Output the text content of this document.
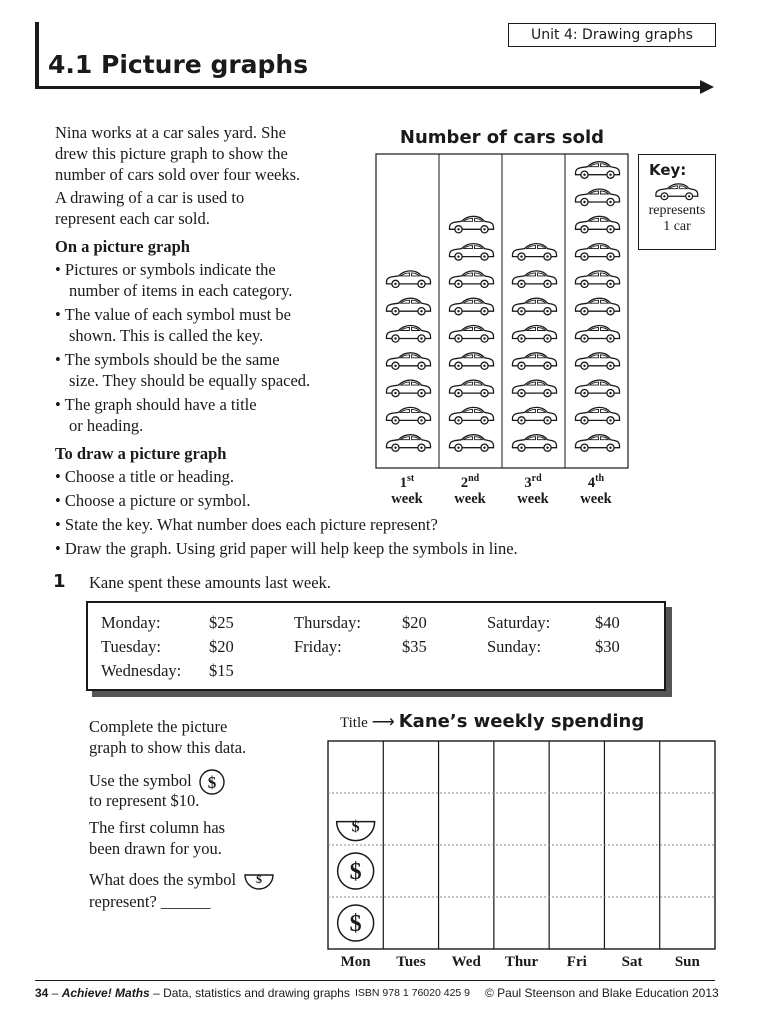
Unit 4: Drawing graphs
4.1 Picture graphs
Nina works at a car sales yard. She
drew this picture graph to show the
number of cars sold over four weeks.
A drawing of a car is used to
represent each car sold.
On a picture graph
• Pictures or symbols indicate the
number of items in each category.
• The value of each symbol must be
shown. This is called the key.
• The symbols should be the same
size. They should be equally spaced.
• The graph should have a title
or heading.
To draw a picture graph
• Choose a title or heading.
• Choose a picture or symbol.
• State the key. What number does each picture represent?
• Draw the graph. Using grid paper will help keep the symbols in line.
Number of cars sold
1st
week
2nd
week
3rd
week
4th
week
Key:
represents
1 car
1 Kane spent these amounts last week.
Monday:	$25
Tuesday:	$20
Wednesday: $15
Thursday: $20
Friday:	$35
Saturday:	$40
Sunday:	$30
Complete the picture
graph to show this data.
Use the symbol $
to represent $10.
The first column has
been drawn for you.
What does the symbol $
represent? ______
Title ⟶ Kane’s weekly spending
$
$
$
Mon	Tues	Wed	Thur	Fri	Sat	Sun
34 – Achieve! Maths – Data, statistics and drawing graphs ISBN 978 1 76020 425 9 © Paul Steenson and Blake Education 2013
